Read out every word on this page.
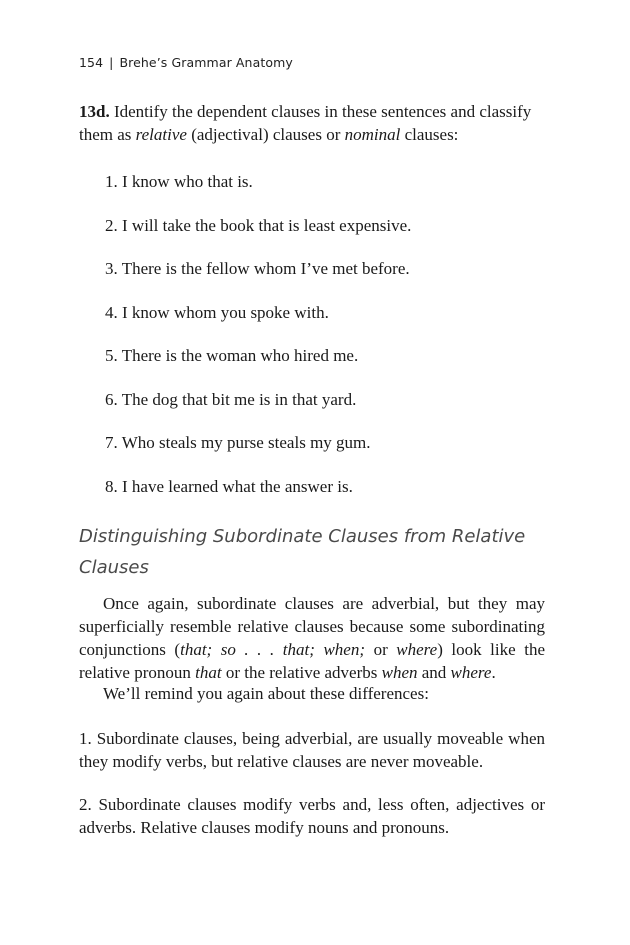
154 | Brehe’s Grammar Anatomy

13d. Identify the dependent clauses in these sentences and classify them as relative (adjectival) clauses or nominal clauses:

1. I know who that is.
2. I will take the book that is least expensive.
3. There is the fellow whom I’ve met before.
4. I know whom you spoke with.
5. There is the woman who hired me.
6. The dog that bit me is in that yard.
7. Who steals my purse steals my gum.
8. I have learned what the answer is.
Distinguishing Subordinate Clauses from Relative Clauses

Once again, subordinate clauses are adverbial, but they may superficially resemble relative clauses because some subordinating conjunctions (that; so . . . that; when; or where) look like the relative pronoun that or the relative adverbs when and where.

We’ll remind you again about these differences:

1. Subordinate clauses, being adverbial, are usually moveable when they modify verbs, but relative clauses are never moveable.

2. Subordinate clauses modify verbs and, less often, adjectives or adverbs. Relative clauses modify nouns and pronouns.
